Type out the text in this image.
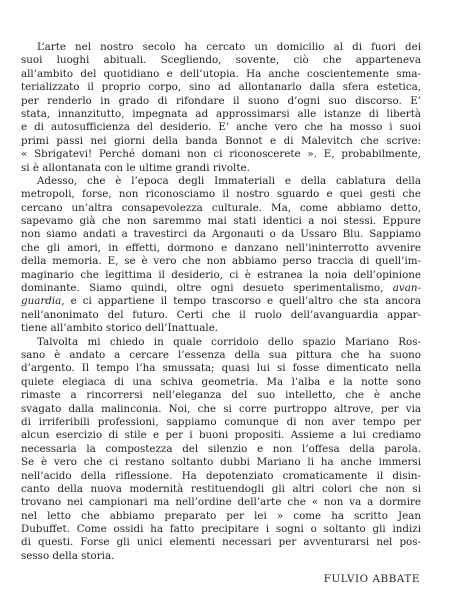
L’arte nel nostro secolo ha cercato un domicilio al di fuori dei
suoi luoghi abituali. Scegliendo, sovente, ciò che apparteneva
all’ambito del quotidiano e dell’utopia. Ha anche coscientemente sma-
terializzato il proprio corpo, sino ad allontanarlo dalla sfera estetica,
per renderlo in grado di rifondare il suono d’ogni suo discorso. E’
stata, innanzitutto, impegnata ad approssimarsi alle istanze di libertà
e di autosufficienza del desiderio. E’ anche vero che ha mosso i suoi
primi passi nei giorni della banda Bonnot e di Malevitch che scrive:
« Sbrigatevi! Perché domani non ci riconoscerete ». E, probabilmente,
si è allontanata con le ultime grandi rivolte.
Adesso, che è l’epoca degli Immateriali e della cablatura della
metropoli, forse, non riconosciamo il nostro sguardo e quei gesti che
cercano un’altra consapevolezza culturale. Ma, come abbiamo detto,
sapevamo già che non saremmo mai stati identici a noi stessi. Eppure
non siamo andati a travestirci da Argonauti o da Ussaro Blu. Sappiamo
che gli amori, in effetti, dormono e danzano nell’ininterrotto avvenire
della memoria. E, se è vero che non abbiamo perso traccia di quell’im-
maginario che legittima il desiderio, ci è estranea la noia dell’opinione
dominante. Siamo quindi, oltre ogni desueto sperimentalismo, avan-
guardia, e ci appartiene il tempo trascorso e quell’altro che sta ancora
nell’anonimato del futuro. Certi che il ruolo dell’avanguardia appar-
tiene all’ambito storico dell’Inattuale.
Talvolta mi chiedo in quale corridoio dello spazio Mariano Ros-
sano è andato a cercare l’essenza della sua pittura che ha suono
d’argento. Il tempo l’ha smussata; quasi lui si fosse dimenticato nella
quiete elegiaca di una schiva geometria. Ma l’alba e la notte sono
rimaste a rincorrersi nell’eleganza del suo intelletto, che è anche
svagato dalla malinconia. Noi, che si corre purtroppo altrove, per via
di irriferibili professioni, sappiamo comunque di non aver tempo per
alcun esercizio di stile e per i buoni propositi. Assieme a lui crediamo
necessaria la compostezza del silenzio e non l’offesa della parola.
Se è vero che ci restano soltanto dubbi Mariano li ha anche immersi
nell’acido della riflessione. Ha depotenziato cromaticamente il disin-
canto della nuova modernità restituendogli gli altri colori che non si
trovano nei campionari ma nell’ordine dell’arte che « non va a dormire
nel letto che abbiamo preparato per lei » come ha scritto Jean
Dubuffet. Come ossidi ha fatto precipitare i sogni o soltanto gli indizi
di questi. Forse gli unici elementi necessari per avventurarsi nel pos-
sesso della storia.
FULVIO ABBATE
